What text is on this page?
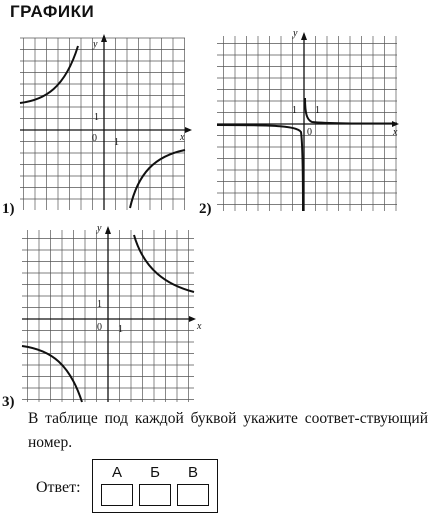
ГРАФИКИ
y
x
0 1
1
1)
y
x
0
1
1
2)
y
x
0 1
1
3)
В таблице под каждой буквой укажите соответ-ствующий номер.
Ответ:
А	Б	В
